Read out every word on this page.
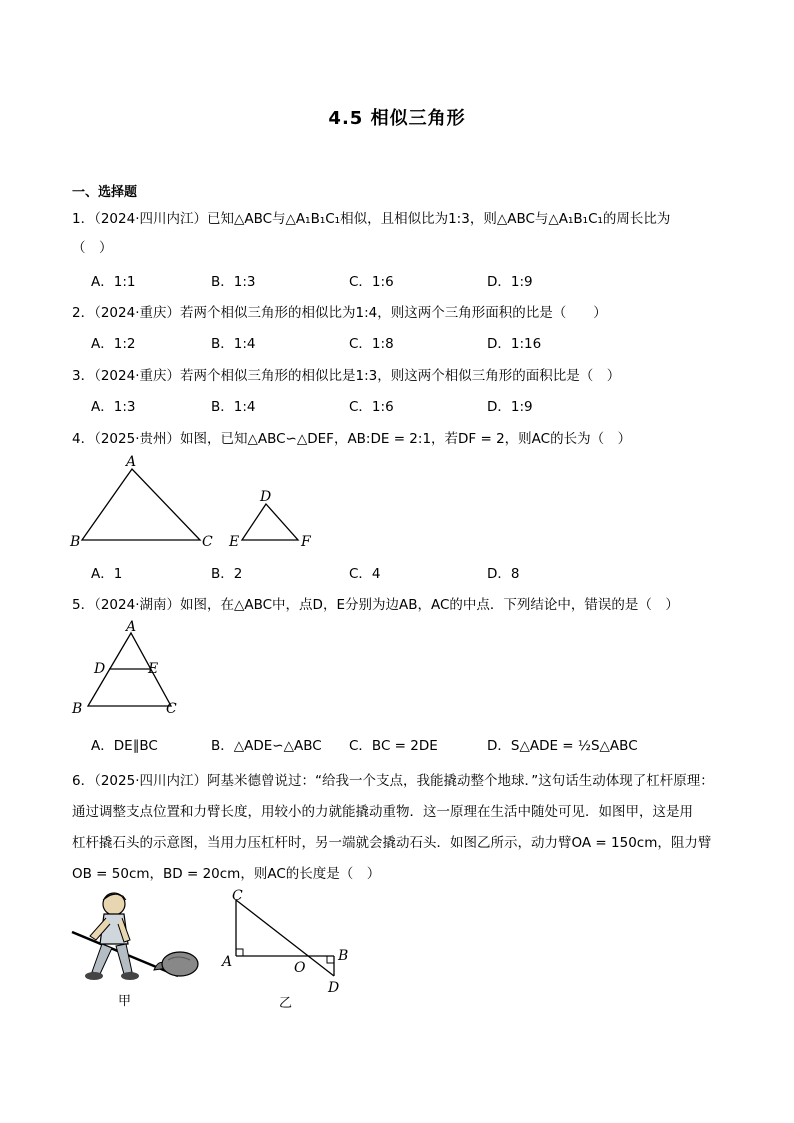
4.5 相似三角形
一、选择题
1．（2024·四川内江）已知△ABC与△A₁B₁C₁相似，且相似比为1:3，则△ABC与△A₁B₁C₁的周长比为
（　）
A．1:1	B．1:3	C．1:6	D．1:9
2．（2024·重庆）若两个相似三角形的相似比为1:4，则这两个三角形面积的比是（　　）
A．1:2	B．1:4	C．1:8	D．1:16
3．（2024·重庆）若两个相似三角形的相似比是1:3，则这两个相似三角形的面积比是（　）
A．1:3	B．1:4	C．1:6	D．1:9
4．（2025·贵州）如图，已知△ABC∽△DEF，AB:DE = 2:1，若DF = 2，则AC的长为（　）
A
B	C
D
E	F
A．1	B．2	C．4	D．8
5．（2024·湖南）如图，在△ABC中，点D，E分别为边AB，AC的中点．下列结论中，错误的是（　）
A
D	E
B	C
A．DE∥BC	B．△ADE∽△ABC C．BC = 2DE	D．S△ADE = ½S△ABC
6．（2025·四川内江）阿基米德曾说过：“给我一个支点，我能撬动整个地球．”这句话生动体现了杠杆原理：
通过调整支点位置和力臂长度，用较小的力就能撬动重物．这一原理在生活中随处可见．如图甲，这是用
杠杆撬石头的示意图，当用力压杠杆时，另一端就会撬动石头．如图乙所示，动力臂OA = 150cm，阻力臂
OB = 50cm，BD = 20cm，则AC的长度是（　）
甲
C
A	O
B
D
乙
